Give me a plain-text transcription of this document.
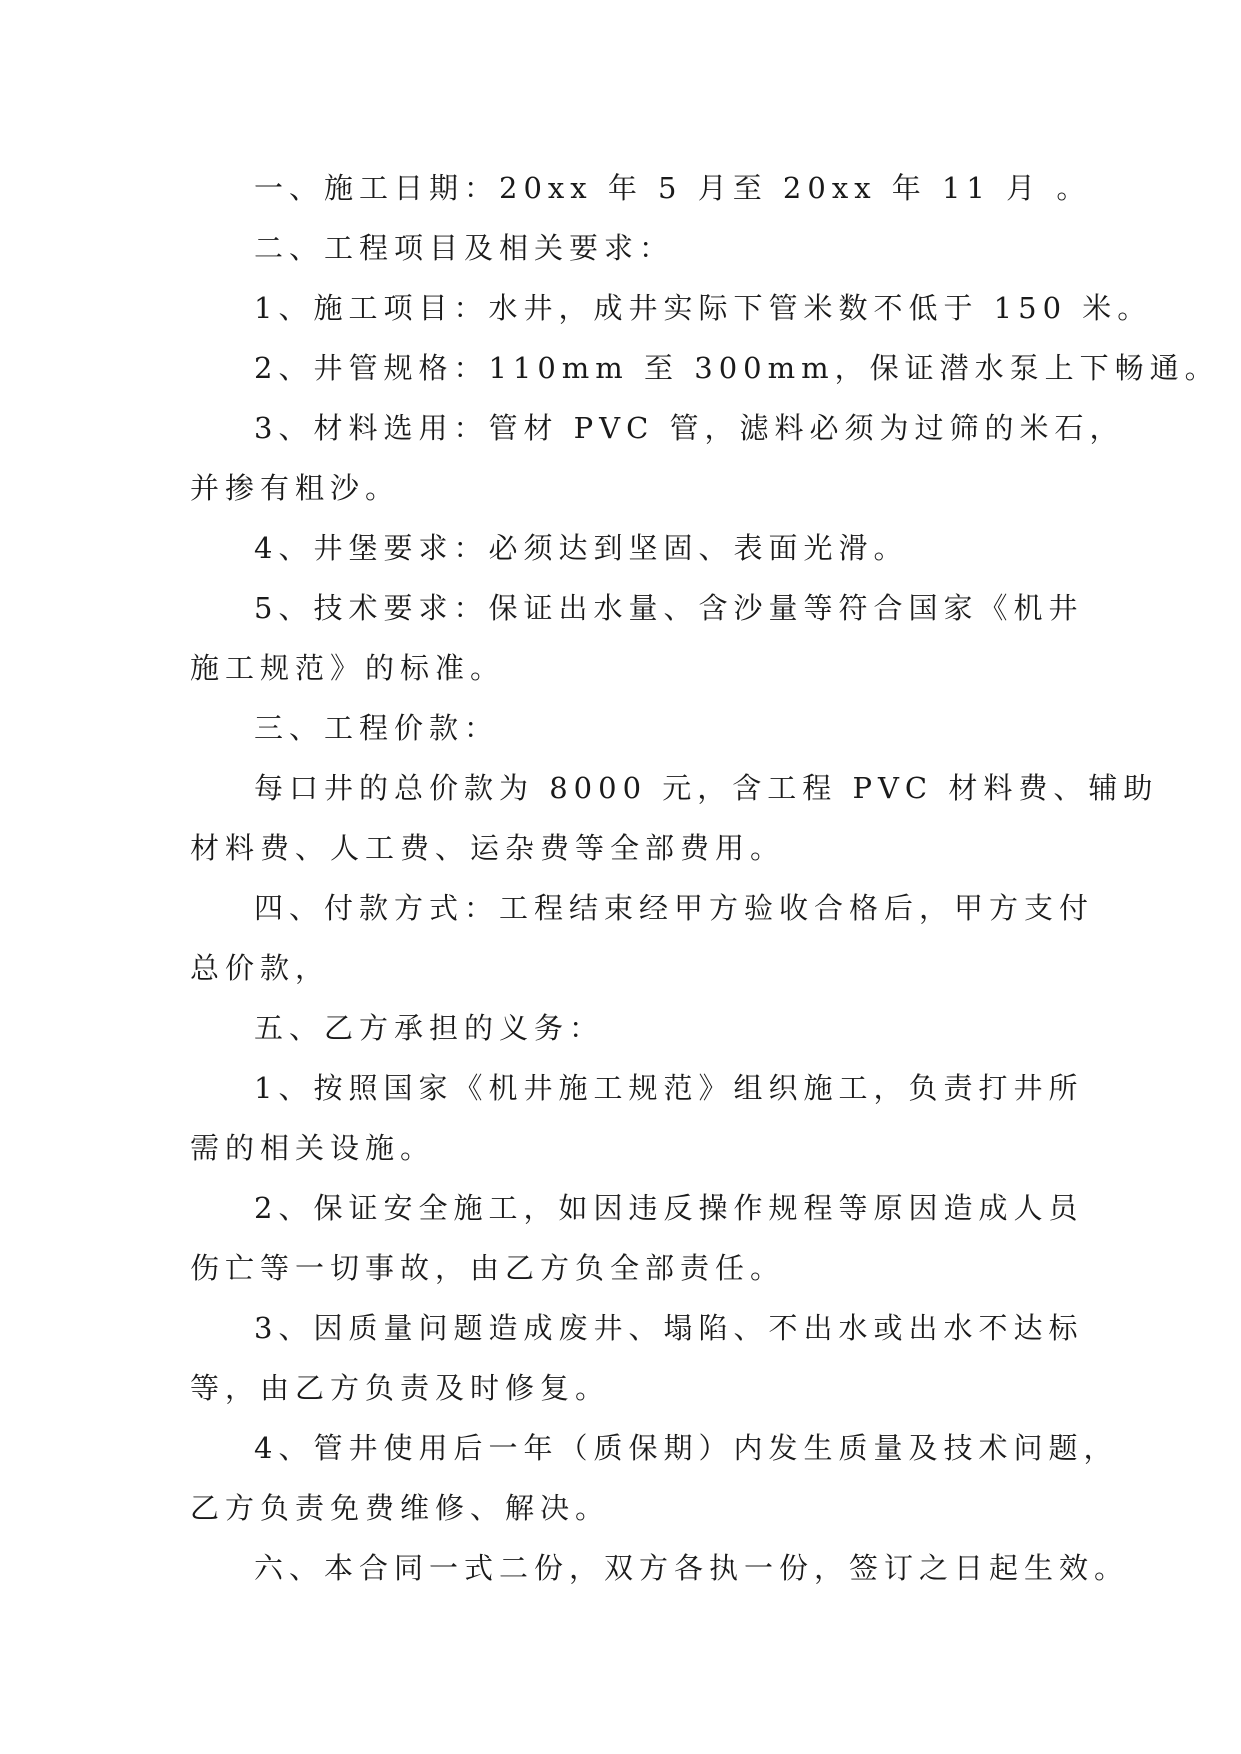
一、施工日期：20xx 年 5 月至 20xx 年 11 月 。
二、工程项目及相关要求：
1、施工项目：水井，成井实际下管米数不低于 150 米。
2、井管规格：110mm 至 300mm，保证潜水泵上下畅通。
3、材料选用：管材 PVC 管，滤料必须为过筛的米石，
并掺有粗沙。
4、井堡要求：必须达到坚固、表面光滑。
5、技术要求：保证出水量、含沙量等符合国家《机井
施工规范》的标准。
三、工程价款：
每口井的总价款为 8000 元，含工程 PVC 材料费、辅助
材料费、人工费、运杂费等全部费用。
四、付款方式：工程结束经甲方验收合格后，甲方支付
总价款，
五、乙方承担的义务：
1、按照国家《机井施工规范》组织施工，负责打井所
需的相关设施。
2、保证安全施工，如因违反操作规程等原因造成人员
伤亡等一切事故，由乙方负全部责任。
3、因质量问题造成废井、塌陷、不出水或出水不达标
等，由乙方负责及时修复。
4、管井使用后一年（质保期）内发生质量及技术问题，
乙方负责免费维修、解决。
六、本合同一式二份，双方各执一份，签订之日起生效。
